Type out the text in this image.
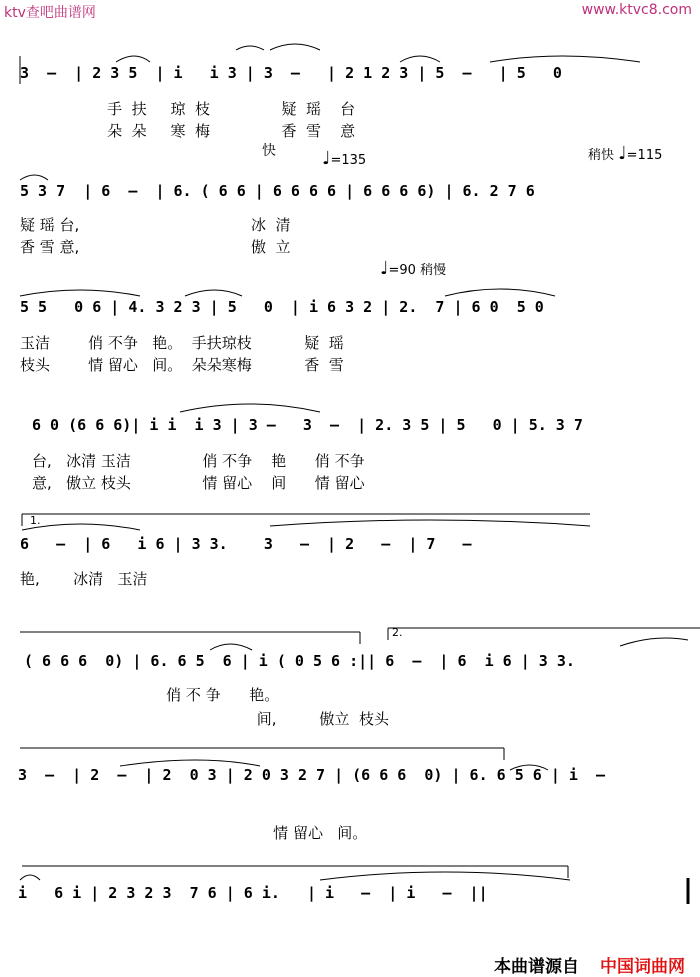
ktv查吧曲谱网	www.ktvc8.com
3  –  | 2 3 5  | i   i 3 | 3  –   | 2 1 2 3 | 5  –   | 5   0
手  扶     琼  枝               疑  瑶    台
朵  朵     寒  梅               香  雪    意
快	♩=135	稍快 ♩=115
5 3 7  | 6  –  | 6. ( 6 6 | 6 6 6 6 | 6 6 6 6) | 6. 2 7 6
疑 瑶 台,                                    冰  清
香 雪 意,                                    傲  立
♩=90 稍慢
5 5   0 6 | 4. 3 2 3 | 5   0  | i 6 3 2 | 2.  7 | 6 0  5 0
玉洁        俏 不争   艳。  手扶琼枝           疑  瑶
枝头        情 留心   间。  朵朵寒梅           香  雪
6 0 (6 6 6)| i i  i 3 | 3 –   3  –  | 2. 3 5 | 5   0 | 5. 3 7
台,   冰清 玉洁               俏 不争    艳      俏 不争
意,   傲立 枝头               情 留心    间      情 留心
1.
6   –  | 6   i 6 | 3 3.    3   –  | 2   –  | 7   –
艳,       冰清   玉洁
2.
( 6 6 6  0) | 6. 6 5  6 | i ( 0 5 6 :|| 6  –  | 6  i 6 | 3 3.
俏 不 争      艳。
间,         傲立  枝头
3  –  | 2  –  | 2  0 3 | 2 0 3 2 7 | (6 6 6  0) | 6. 6 5 6 | i  –
情 留心   间。
i   6 i | 2 3 2 3  7 6 | 6 i.   | i   –  | i   –  ||
本曲谱源自 中国词曲网
